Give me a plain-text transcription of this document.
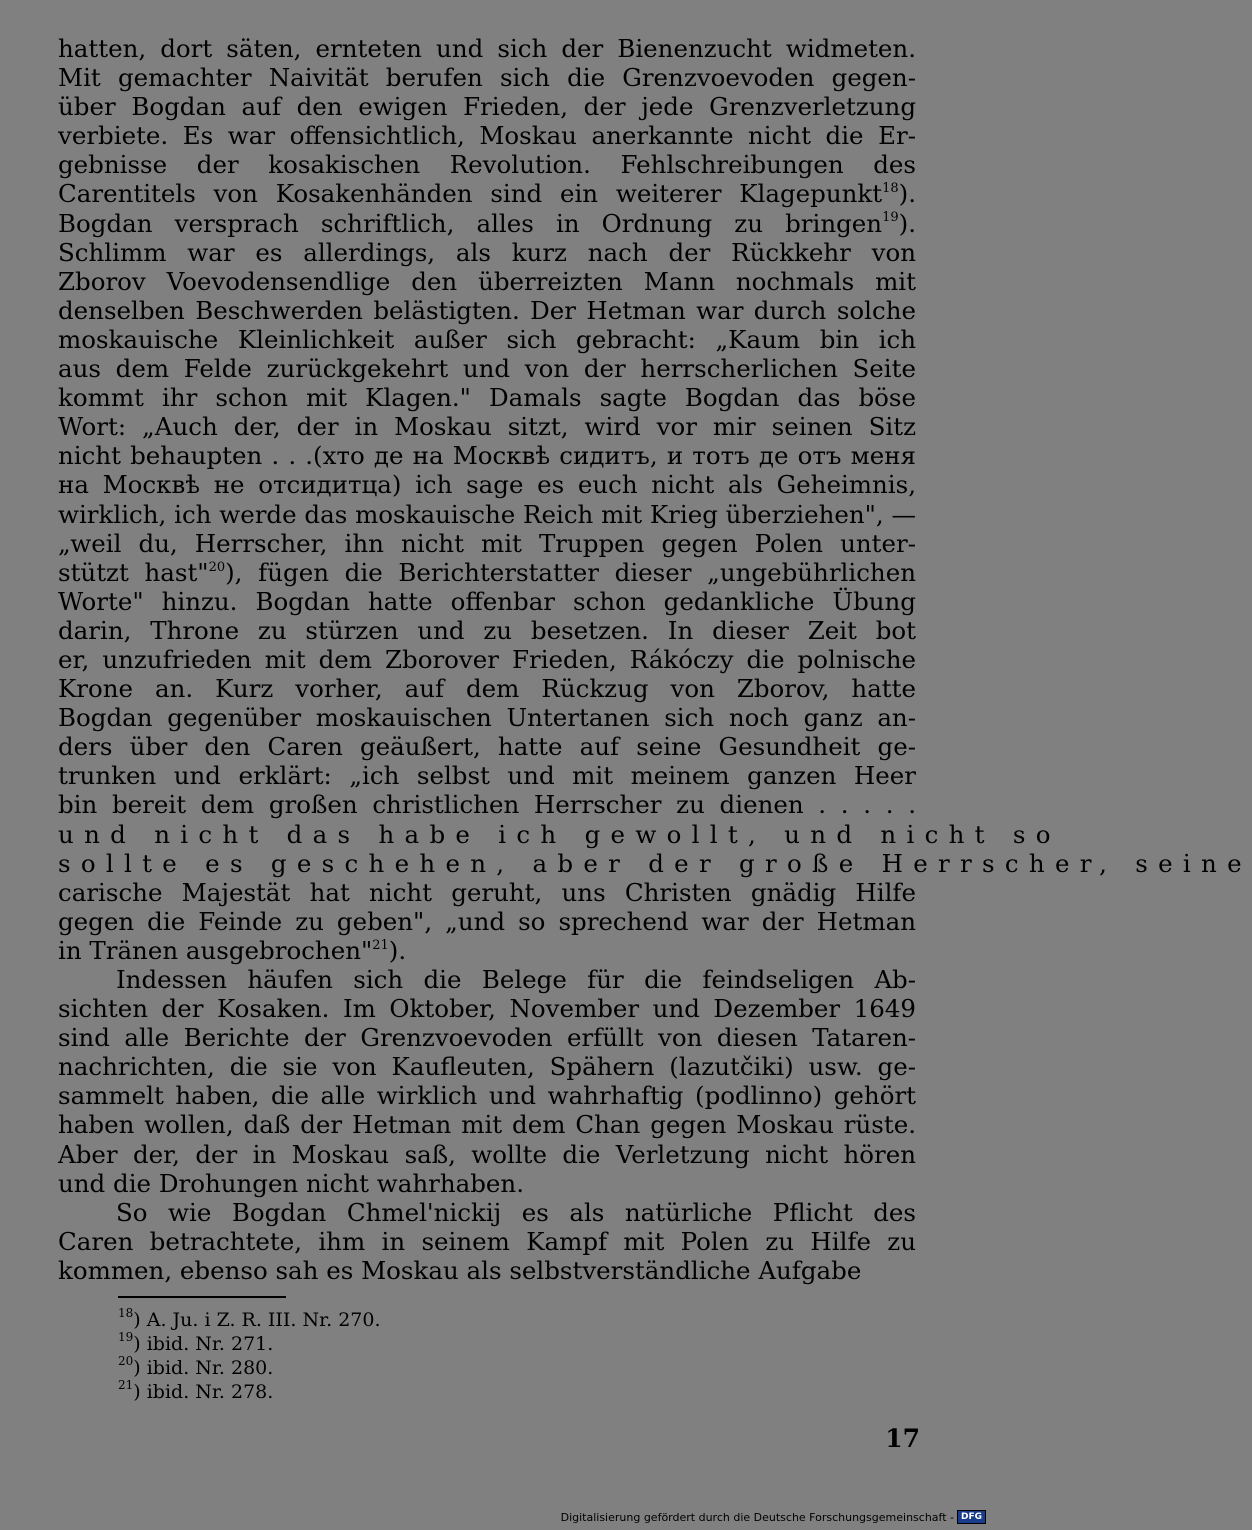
hatten, dort säten, ernteten und sich der Bienenzucht widmeten.
Mit gemachter Naivität berufen sich die Grenzvoevoden gegen-
über Bogdan auf den ewigen Frieden, der jede Grenzverletzung
verbiete. Es war offensichtlich, Moskau anerkannte nicht die Er-
gebnisse der kosakischen Revolution. Fehlschreibungen des
Carentitels von Kosakenhänden sind ein weiterer Klagepunkt$^{18}$).
Bogdan versprach schriftlich, alles in Ordnung zu bringen$^{19}$).
Schlimm war es allerdings, als kurz nach der Rückkehr von
Zborov Voevodensendlige den überreizten Mann nochmals mit
denselben Beschwerden belästigten. Der Hetman war durch solche
moskauische Kleinlichkeit außer sich gebracht: „Kaum bin ich
aus dem Felde zurückgekehrt und von der herrscherlichen Seite
kommt ihr schon mit Klagen." Damals sagte Bogdan das böse
Wort: „Auch der, der in Moskau sitzt, wird vor mir seinen Sitz
nicht behaupten . . .(хто де на Москвѣ сидитъ, и тотъ де отъ меня
на Москвѣ не отсидитца) ich sage es euch nicht als Geheimnis,
wirklich, ich werde das moskauische Reich mit Krieg überziehen", —
„weil du, Herrscher, ihn nicht mit Truppen gegen Polen unter-
stützt hast"$^{20}$), fügen die Berichterstatter dieser „ungebührlichen
Worte" hinzu. Bogdan hatte offenbar schon gedankliche Übung
darin, Throne zu stürzen und zu besetzen. In dieser Zeit bot
er, unzufrieden mit dem Zborover Frieden, Rákóczy die polnische
Krone an. Kurz vorher, auf dem Rückzug von Zborov, hatte
Bogdan gegenüber moskauischen Untertanen sich noch ganz an-
ders über den Caren geäußert, hatte auf seine Gesundheit ge-
trunken und erklärt: „ich selbst und mit meinem ganzen Heer
bin bereit dem großen christlichen Herrscher zu dienen . . . . .
und nicht das habe ich gewollt, und nicht so
sollte es geschehen, aber der große Herrscher, seine
carische Majestät hat nicht geruht, uns Christen gnädig Hilfe
gegen die Feinde zu geben", „und so sprechend war der Hetman
in Tränen ausgebrochen"$^{21}$).
Indessen häufen sich die Belege für die feindseligen Ab-
sichten der Kosaken. Im Oktober, November und Dezember 1649
sind alle Berichte der Grenzvoevoden erfüllt von diesen Tataren-
nachrichten, die sie von Kaufleuten, Spähern (lazutčiki) usw. ge-
sammelt haben, die alle wirklich und wahrhaftig (podlinno) gehört
haben wollen, daß der Hetman mit dem Chan gegen Moskau rüste.
Aber der, der in Moskau saß, wollte die Verletzung nicht hören
und die Drohungen nicht wahrhaben.
So wie Bogdan Chmel'nickij es als natürliche Pflicht des
Caren betrachtete, ihm in seinem Kampf mit Polen zu Hilfe zu
kommen, ebenso sah es Moskau als selbstverständliche Aufgabe
$^{18}$) A. Ju. i Z. R. III. Nr. 270.
$^{19}$) ibid. Nr. 271.
$^{20}$) ibid. Nr. 280.
$^{21}$) ibid. Nr. 278.
17
Digitalisierung gefördert durch die Deutsche Forschungsgemeinschaft - DFG
